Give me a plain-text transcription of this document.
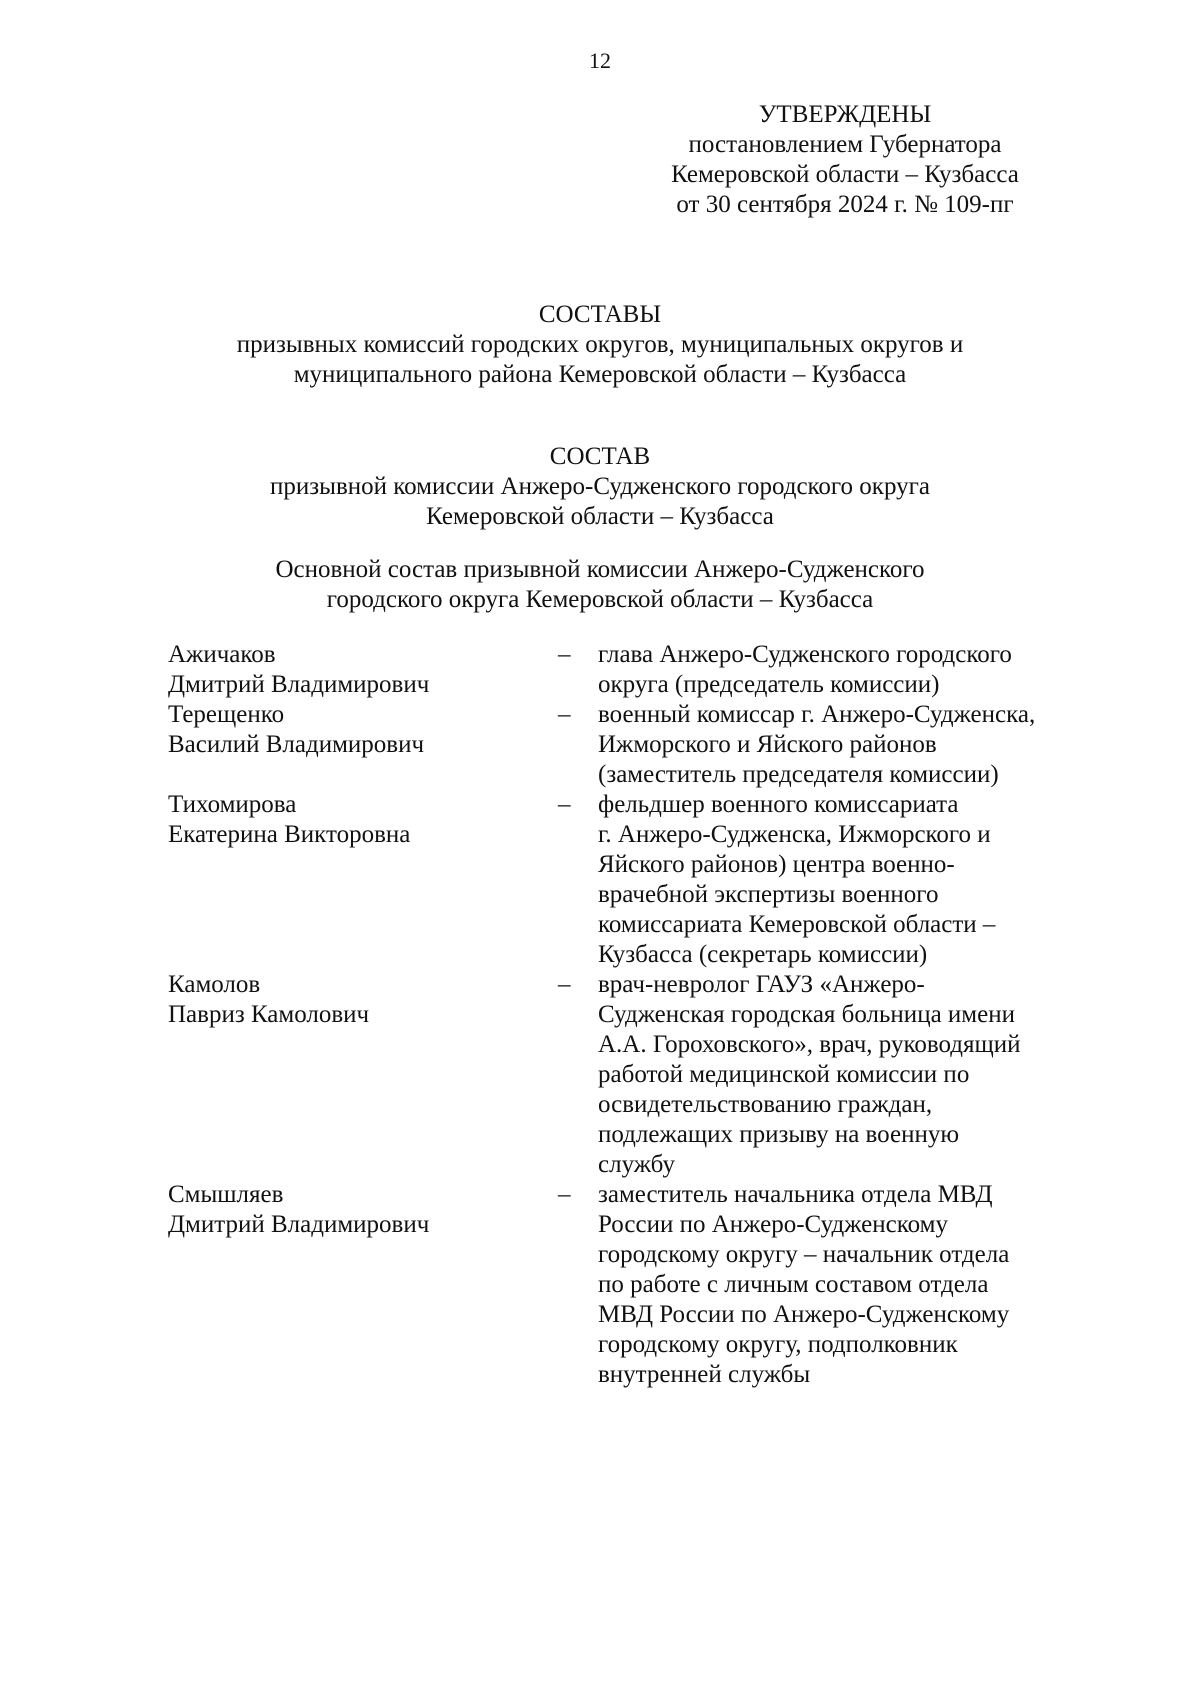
12
УТВЕРЖДЕНЫ
постановлением Губернатора
Кемеровской области – Кузбасса
от 30 сентября 2024 г. № 109-пг
СОСТАВЫ
призывных комиссий городских округов, муниципальных округов и
муниципального района Кемеровской области – Кузбасса
СОСТАВ
призывной комиссии Анжеро-Судженского городского округа
Кемеровской области – Кузбасса
Основной состав призывной комиссии Анжеро-Судженского
городского округа Кемеровской области – Кузбасса
Ажичаков
Дмитрий Владимирович
–	глава Анжеро-Судженского городского
округа (председатель комиссии)
Терещенко
Василий Владимирович
–	военный комиссар г. Анжеро-Судженска,
Ижморского и Яйского районов
(заместитель председателя комиссии)
Тихомирова
Екатерина Викторовна
–	фельдшер военного комиссариата
г. Анжеро-Судженска, Ижморского и
Яйского районов) центра военно-
врачебной экспертизы военного
комиссариата Кемеровской области –
Кузбасса (секретарь комиссии)
Камолов
Павриз Камолович
–	врач-невролог ГАУЗ «Анжеро-
Судженская городская больница имени
А.А. Гороховского», врач, руководящий
работой медицинской комиссии по
освидетельствованию граждан,
подлежащих призыву на военную
службу
Смышляев
Дмитрий Владимирович
–	заместитель начальника отдела МВД
России по Анжеро-Судженскому
городскому округу – начальник отдела
по работе с личным составом отдела
МВД России по Анжеро-Судженскому
городскому округу, подполковник
внутренней службы
